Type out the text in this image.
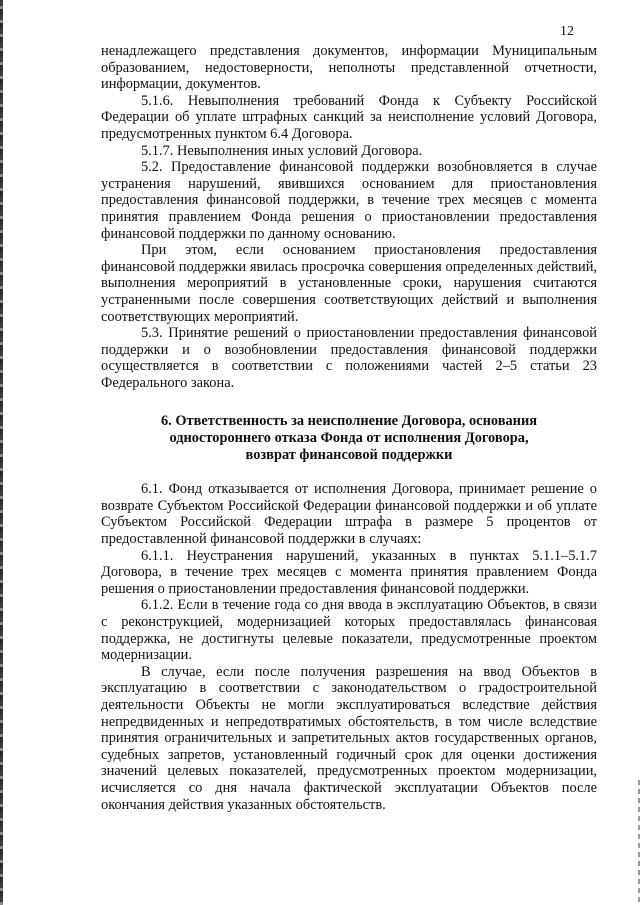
12

ненадлежащего представления документов, информации Муниципальным образованием, недостоверности, неполноты представленной отчетности, информации, документов.

5.1.6. Невыполнения требований Фонда к Субъекту Российской Федерации об уплате штрафных санкций за неисполнение условий Договора, предусмотренных пунктом 6.4 Договора.

5.1.7. Невыполнения иных условий Договора.

5.2. Предоставление финансовой поддержки возобновляется в случае устранения нарушений, явившихся основанием для приостановления предоставления финансовой поддержки, в течение трех месяцев с момента принятия правлением Фонда решения о приостановлении предоставления финансовой поддержки по данному основанию.

При этом, если основанием приостановления предоставления финансовой поддержки явилась просрочка совершения определенных действий, выполнения мероприятий в установленные сроки, нарушения считаются устраненными после совершения соответствующих действий и выполнения соответствующих мероприятий.

5.3. Принятие решений о приостановлении предоставления финансовой поддержки и о возобновлении предоставления финансовой поддержки осуществляется в соответствии с положениями частей 2–5 статьи 23 Федерального закона.

6. Ответственность за неисполнение Договора, основания
одностороннего отказа Фонда от исполнения Договора,
возврат финансовой поддержки

6.1. Фонд отказывается от исполнения Договора, принимает решение о возврате Субъектом Российской Федерации финансовой поддержки и об уплате Субъектом Российской Федерации штрафа в размере 5 процентов от предоставленной финансовой поддержки в случаях:

6.1.1. Неустранения нарушений, указанных в пунктах 5.1.1–5.1.7 Договора, в течение трех месяцев с момента принятия правлением Фонда решения о приостановлении предоставления финансовой поддержки.

6.1.2. Если в течение года со дня ввода в эксплуатацию Объектов, в связи с реконструкцией, модернизацией которых предоставлялась финансовая поддержка, не достигнуты целевые показатели, предусмотренные проектом модернизации.

В случае, если после получения разрешения на ввод Объектов в эксплуатацию в соответствии с законодательством о градостроительной деятельности Объекты не могли эксплуатироваться вследствие действия непредвиденных и непредотвратимых обстоятельств, в том числе вследствие принятия ограничительных и запретительных актов государственных органов, судебных запретов, установленный годичный срок для оценки достижения значений целевых показателей, предусмотренных проектом модернизации, исчисляется со дня начала фактической эксплуатации Объектов после окончания действия указанных обстоятельств.
